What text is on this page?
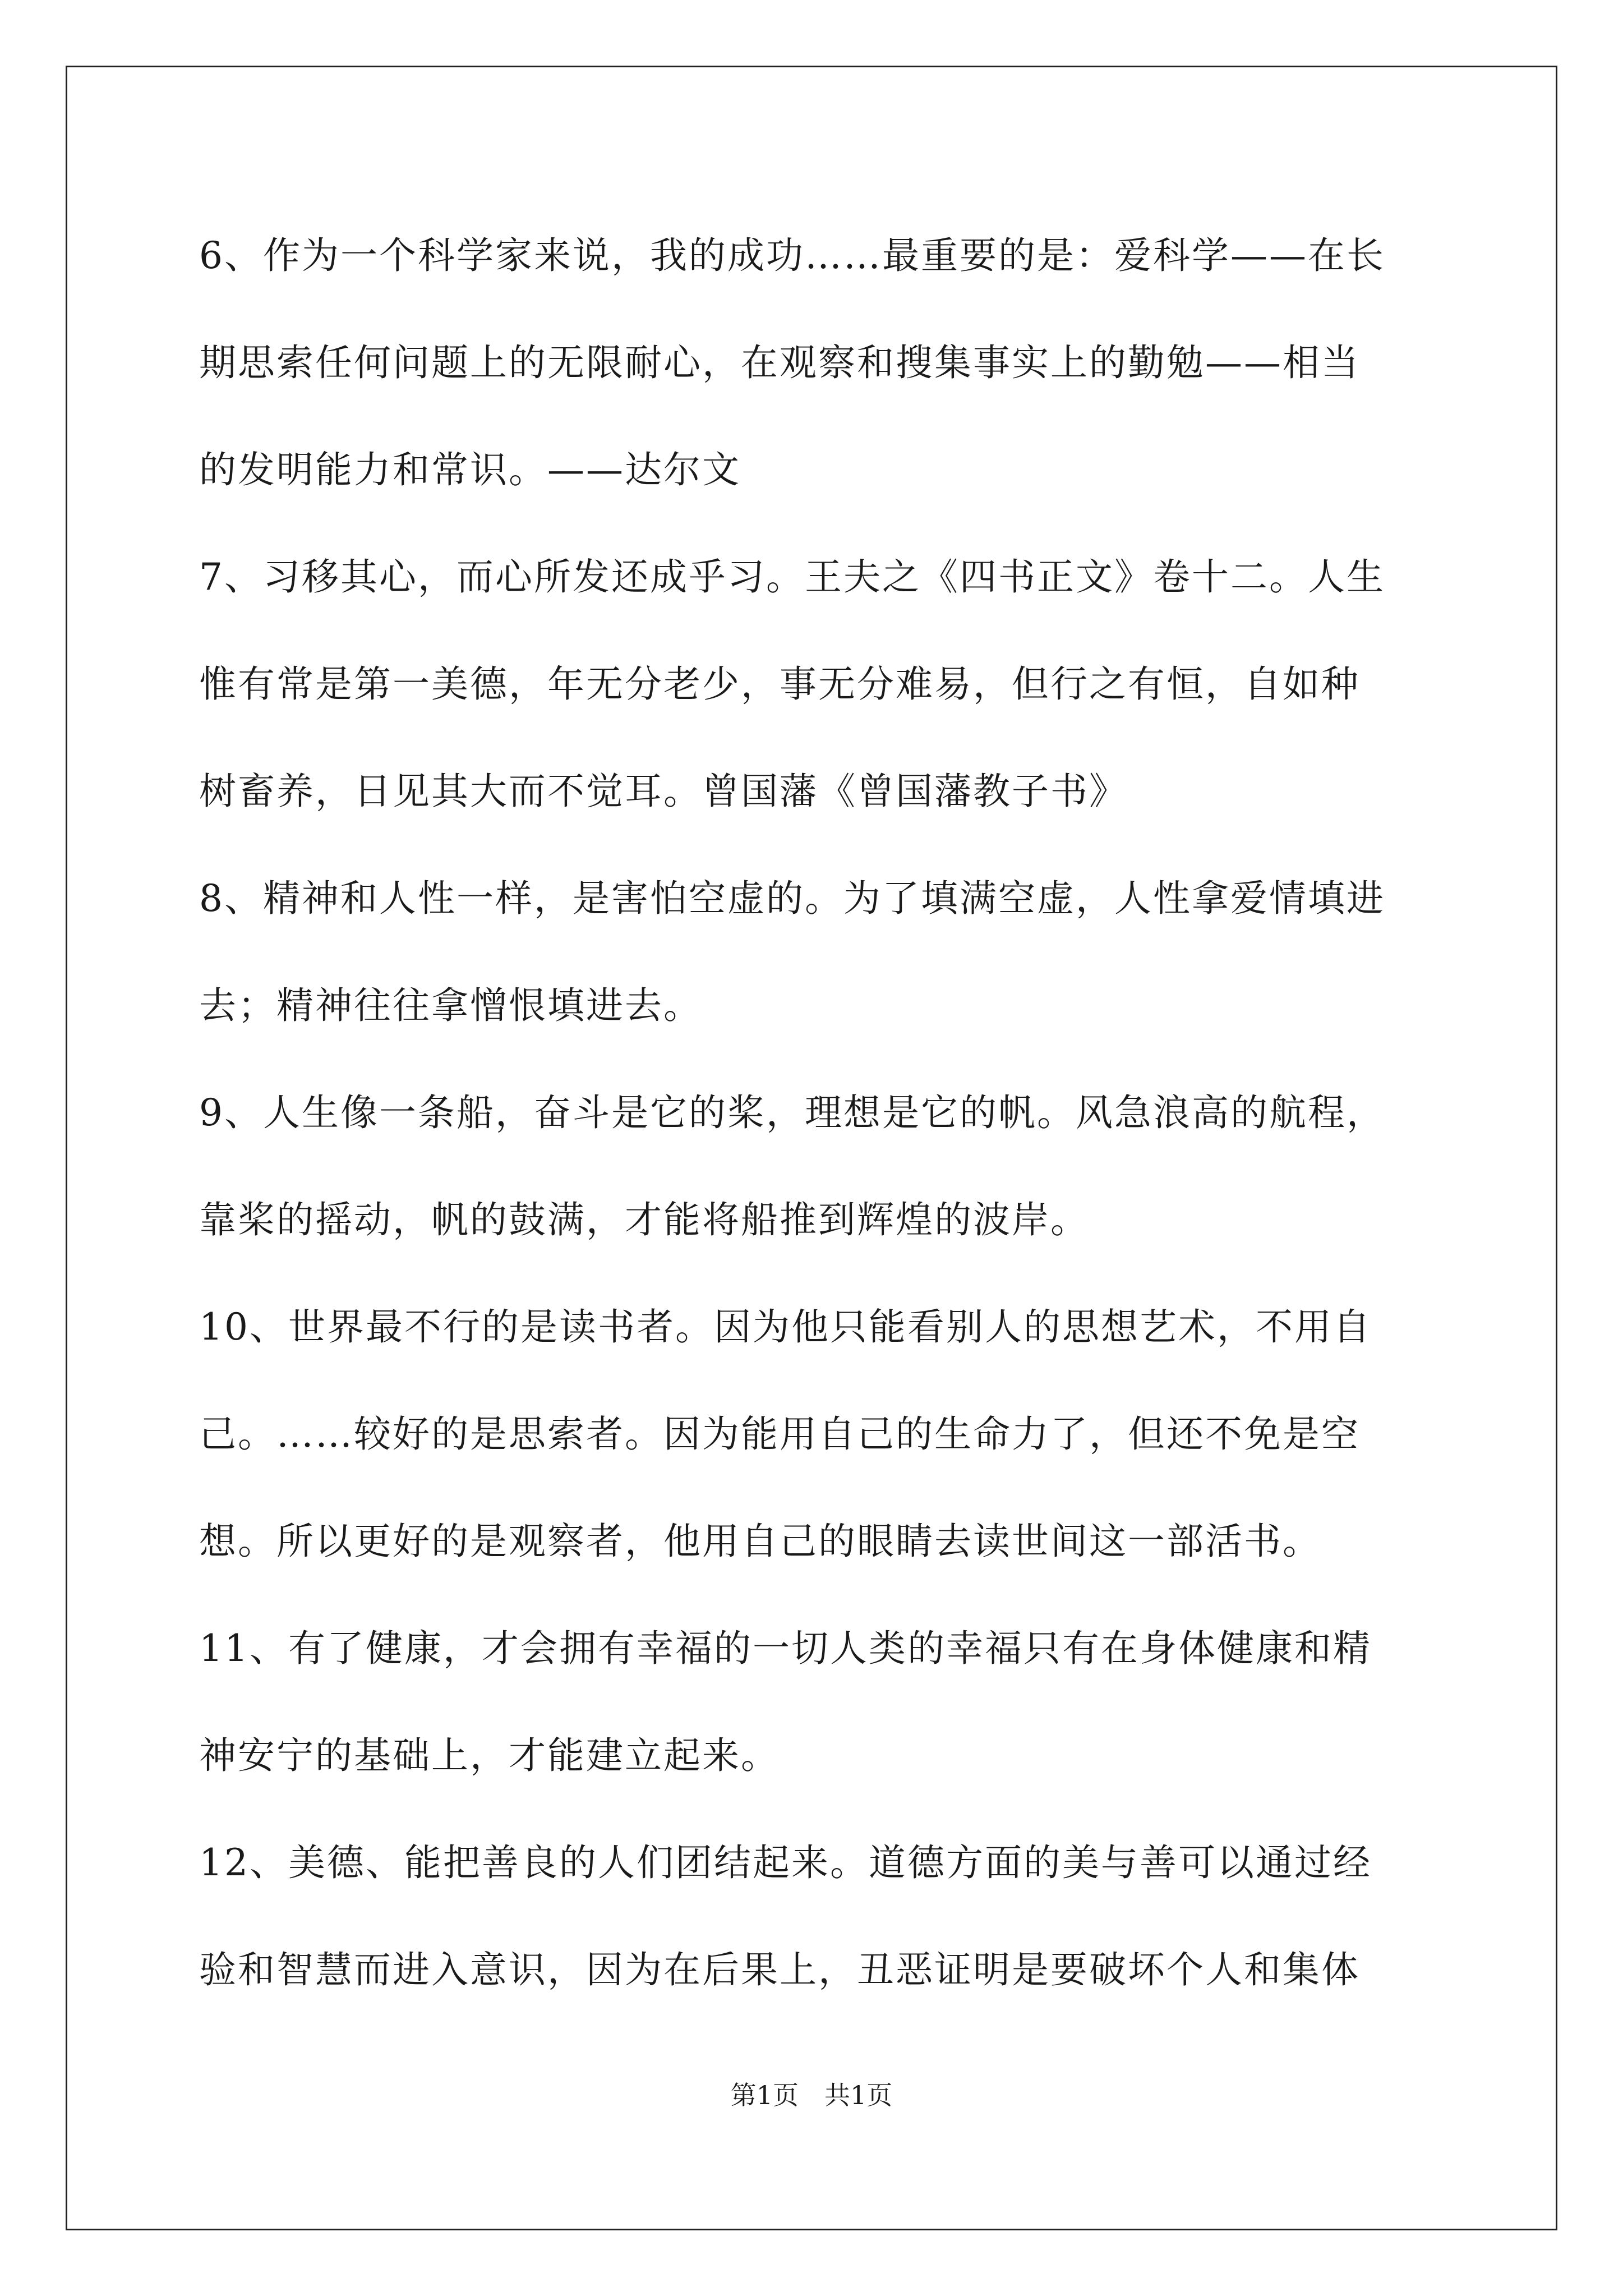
6、作为一个科学家来说，我的成功……最重要的是：爱科学——在长
期思索任何问题上的无限耐心，在观察和搜集事实上的勤勉——相当
的发明能力和常识。——达尔文
7、习移其心，而心所发还成乎习。王夫之《四书正文》卷十二。人生
惟有常是第一美德，年无分老少，事无分难易，但行之有恒，自如种
树畜养，日见其大而不觉耳。曾国藩《曾国藩教子书》
8、精神和人性一样，是害怕空虚的。为了填满空虚，人性拿爱情填进
去；精神往往拿憎恨填进去。
9、人生像一条船，奋斗是它的桨，理想是它的帆。风急浪高的航程，
靠桨的摇动，帆的鼓满，才能将船推到辉煌的波岸。
10、世界最不行的是读书者。因为他只能看别人的思想艺术，不用自
己。……较好的是思索者。因为能用自己的生命力了，但还不免是空
想。所以更好的是观察者，他用自己的眼睛去读世间这一部活书。
11、有了健康，才会拥有幸福的一切人类的幸福只有在身体健康和精
神安宁的基础上，才能建立起来。
12、美德、能把善良的人们团结起来。道德方面的美与善可以通过经
验和智慧而进入意识，因为在后果上，丑恶证明是要破坏个人和集体
第1页　共1页
